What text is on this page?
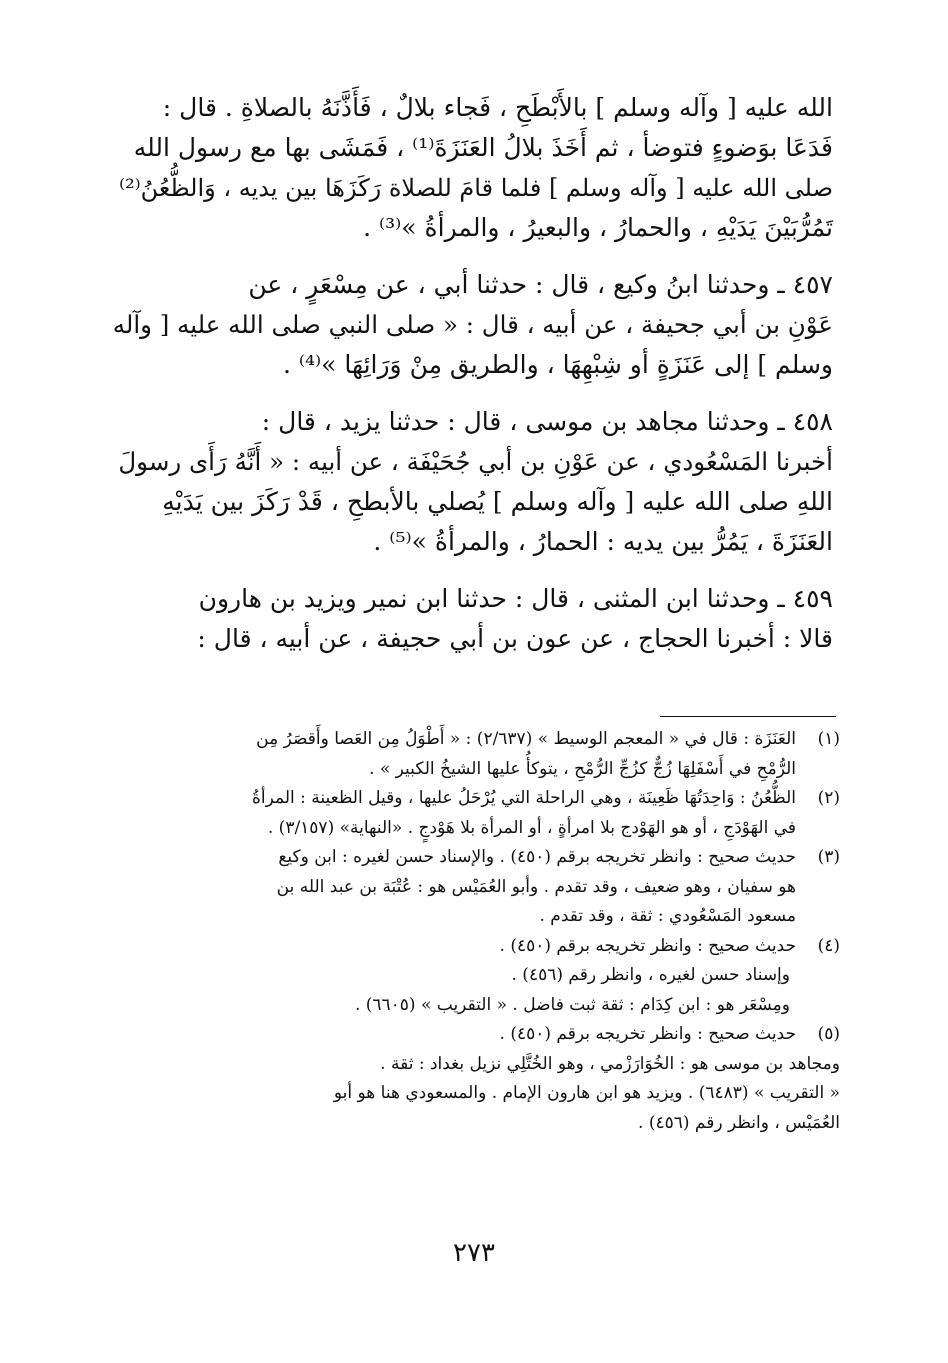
الله عليه [ وآله وسلم ] بالأَبْطَحِ ، فَجاء بلالٌ ، فَأَذَّنَهُ بالصلاةِ . قال :
فَدَعَا بوَضوءٍ فتوضأ ، ثم أَخَذَ بلالُ العَنَزَةَ⁽¹⁾ ، فَمَشَى بها مع رسول الله
صلى الله عليه [ وآله وسلم ] فلما قامَ للصلاة رَكَزَهَا بين يديه ، وَالظُّعُنُ⁽²⁾
تَمُرُّبَيْنَ يَدَيْهِ ، والحمارُ ، والبعيرُ ، والمرأةُ »⁽³⁾ .

٤٥٧ ـ وحدثنا ابنُ وكيع ، قال : حدثنا أبي ، عن مِسْعَرٍ ، عن
عَوْنِ بن أبي جحيفة ، عن أبيه ، قال : « صلى النبي صلى الله عليه [ وآله
وسلم ] إلى عَنَزَةٍ أو شِبْهِهَا ، والطريق مِنْ وَرَائِهَا »⁽⁴⁾ .

٤٥٨ ـ وحدثنا مجاهد بن موسى ، قال : حدثنا يزيد ، قال :
أخبرنا المَسْعُودي ، عن عَوْنِ بن أبي جُحَيْفَة ، عن أبيه : « أَنَّهُ رَأَى رسولَ
اللهِ صلى الله عليه [ وآله وسلم ] يُصلي بالأبطحِ ، قَدْ رَكَزَ بين يَدَيْهِ
العَنَزَةَ ، يَمُرُّ بين يديه : الحمارُ ، والمرأةُ »⁽⁵⁾ .

٤٥٩ ـ وحدثنا ابن المثنى ، قال : حدثنا ابن نمير ويزيد بن هارون
قالا : أخبرنا الحجاج ، عن عون بن أبي حجيفة ، عن أبيه ، قال :

(١)
العَنَزَة : قال في « المعجم الوسيط » (٢/٦٣٧) : « أَطْوَلُ مِن العَصا وأَقصَرُ مِن
الرُّمْحِ في أَسْفَلِهَا زُجٌّ كزُجِّ الرُّمْحِ ، يتوكأُ عليها الشيخُ الكبير » .
(٢)
الظُّعُنُ : وَاحِدَتُهَا ظَعِينَة ، وهي الراحلة التي يُرْحَلُ عليها ، وقيل الظعينة : المرأةُ
في الهَوْدَجِ ، أو هو الهَوْدج بلا امرأةٍ ، أو المرأة بلا هَوْدجٍ . «النهاية» (٣/١٥٧) .
(٣)
حديث صحيح : وانظر تخريجه برقم (٤٥٠) . والإسناد حسن لغيره : ابن وكيع
هو سفيان ، وهو ضعيف ، وقد تقدم . وأبو العُمَيْس هو : عُتْبَة بن عبد الله بن
مسعود المَسْعُودي : ثقة ، وقد تقدم .
(٤)
حديث صحيح : وانظر تخريجه برقم (٤٥٠) .
وإسناد حسن لغيره ، وانظر رقم (٤٥٦) .
ومِسْعَر هو : ابن كِدَام : ثقة ثبت فاضل . « التقريب » (٦٦٠٥) .
(٥)
حديث صحيح : وانظر تخريجه برقم (٤٥٠) .
ومجاهد بن موسى هو : الخُوَارَزْمي ، وهو الخُتَّلِي نزيل بغداد : ثقة .
« التقريب » (٦٤٨٣) . ويزيد هو ابن هارون الإمام . والمسعودي هنا هو أبو
العُمَيْس ، وانظر رقم (٤٥٦) .
٢٧٣
